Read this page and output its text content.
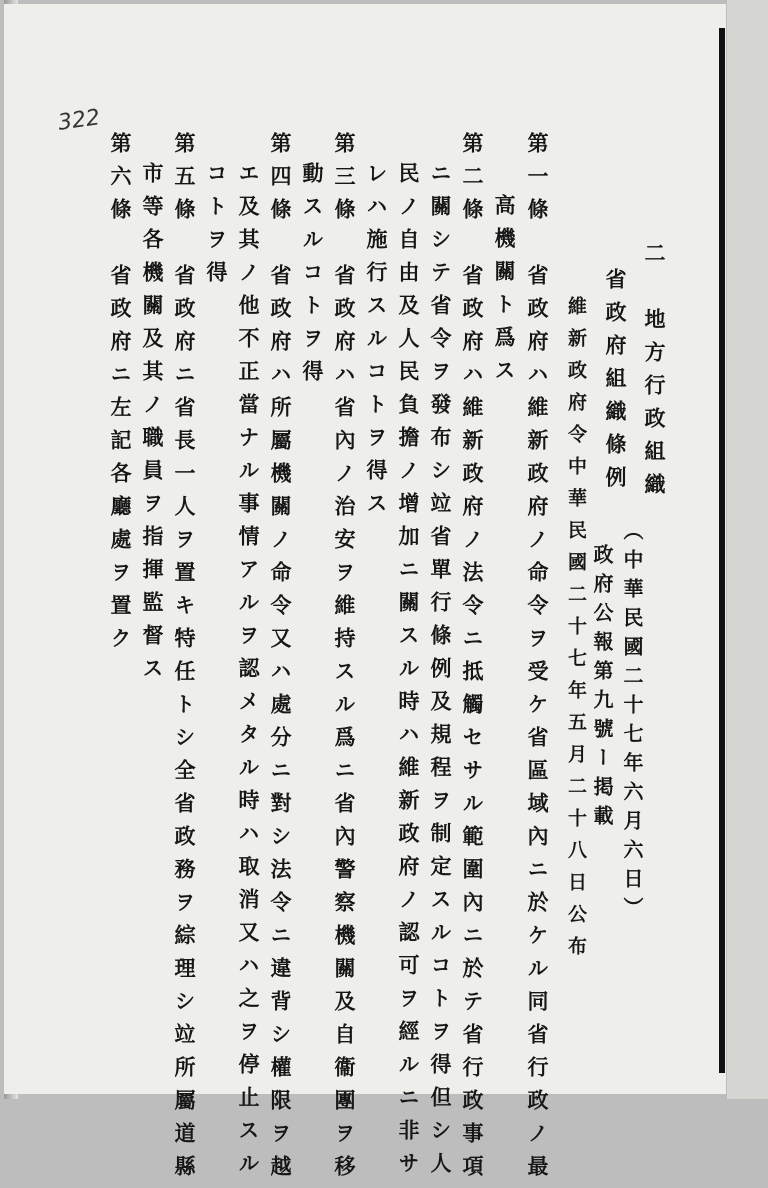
322
二　地方行政組織
省政府組織條例
維新政府令中華民國二十七年五月二十八日公布 （中華民國二十七年六月六日）
政府公報第九號ー掲載
第一條　省政府ハ維新政府ノ命令ヲ受ケ省區域內ニ於ケル同省行政ノ最
高機關ト爲ス
第二條　省政府ハ維新政府ノ法令ニ抵觸セサル範圍內ニ於テ省行政事項
ニ關シテ省令ヲ發布シ竝省單行條例及規程ヲ制定スルコトヲ得但シ人
民ノ自由及人民負擔ノ增加ニ關スル時ハ維新政府ノ認可ヲ經ルニ非サ
レハ施行スルコトヲ得ス
第三條　省政府ハ省內ノ治安ヲ維持スル爲ニ省內警察機關及自衞團ヲ移
動スルコトヲ得
第四條　省政府ハ所屬機關ノ命令又ハ處分ニ對シ法令ニ違背シ權限ヲ越
エ及其ノ他不正當ナル事情アルヲ認メタル時ハ取消又ハ之ヲ停止スル
コトヲ得
第五條　省政府ニ省長一人ヲ置キ特任トシ全省政務ヲ綜理シ竝所屬道縣
市等各機關及其ノ職員ヲ指揮監督ス
第六條　省政府ニ左記各廳處ヲ置ク
